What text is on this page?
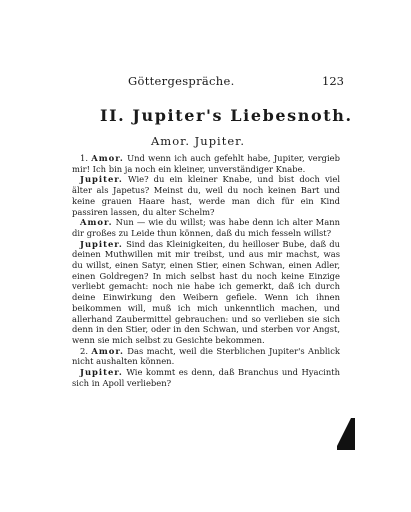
Göttergespräche.	123
II. Jupiter's Liebesnoth.
Amor. Jupiter.

1. Amor. Und wenn ich auch gefehlt habe, Jupiter, vergieb mir! Ich bin ja noch ein kleiner, unverständiger Knabe.

Jupiter. Wie? du ein kleiner Knabe, und bist doch viel älter als Japetus? Meinst du, weil du noch keinen Bart und keine grauen Haare hast, werde man dich für ein Kind passiren lassen, du alter Schelm?

Amor. Nun — wie du willst; was habe denn ich alter Mann dir großes zu Leide thun können, daß du mich fesseln willst?

Jupiter. Sind das Kleinigkeiten, du heilloser Bube, daß du deinen Muthwillen mit mir treibst, und aus mir machst, was du willst, einen Satyr, einen Stier, einen Schwan, einen Adler, einen Goldregen? In mich selbst hast du noch keine Einzige verliebt gemacht: noch nie habe ich gemerkt, daß ich durch deine Einwirkung den Weibern gefiele. Wenn ich ihnen beikommen will, muß ich mich unkenntlich machen, und allerhand Zaubermittel gebrauchen: und so verlieben sie sich denn in den Stier, oder in den Schwan, und sterben vor Angst, wenn sie mich selbst zu Gesichte bekommen.

2. Amor. Das macht, weil die Sterblichen Jupiter's Anblick nicht aushalten können.

Jupiter. Wie kommt es denn, daß Branchus und Hyacinth sich in Apoll verlieben?
